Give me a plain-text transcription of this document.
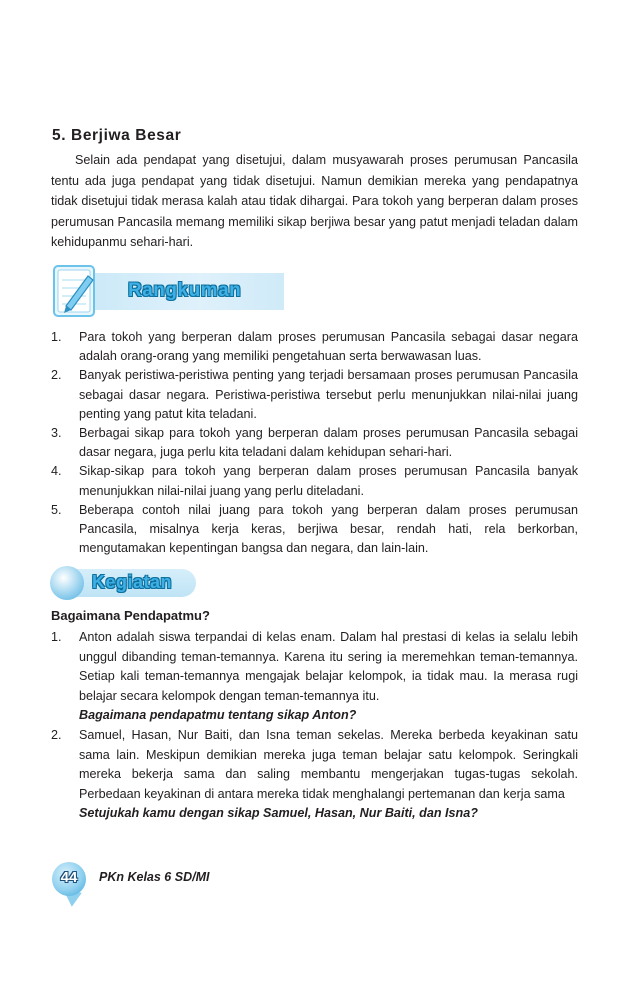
5. Berjiwa Besar
Selain ada pendapat yang disetujui, dalam musyawarah proses perumusan Pancasila tentu ada juga pendapat yang tidak disetujui. Namun demikian mereka yang pendapatnya tidak disetujui tidak merasa kalah atau tidak dihargai. Para tokoh yang berperan dalam proses perumusan Pancasila memang memiliki sikap berjiwa besar yang patut menjadi teladan dalam kehidupanmu sehari-hari.
Rangkuman
1. Para tokoh yang berperan dalam proses perumusan Pancasila sebagai dasar negara adalah orang-orang yang memiliki pengetahuan serta berwawasan luas.
2. Banyak peristiwa-peristiwa penting yang terjadi bersamaan proses perumusan Pancasila sebagai dasar negara. Peristiwa-peristiwa tersebut perlu menunjukkan nilai-nilai juang penting yang patut kita teladani.
3. Berbagai sikap para tokoh yang berperan dalam proses perumusan Pancasila sebagai dasar negara, juga perlu kita teladani dalam kehidupan sehari-hari.
4. Sikap-sikap para tokoh yang berperan dalam proses perumusan Pancasila banyak menunjukkan nilai-nilai juang yang perlu diteladani.
5. Beberapa contoh nilai juang para tokoh yang berperan dalam proses perumusan Pancasila, misalnya kerja keras, berjiwa besar, rendah hati, rela berkorban, mengutamakan kepentingan bangsa dan negara, dan lain-lain.
Kegiatan
Bagaimana Pendapatmu?
1. Anton adalah siswa terpandai di kelas enam. Dalam hal prestasi di kelas ia selalu lebih unggul dibanding teman-temannya. Karena itu sering ia meremehkan teman-temannya. Setiap kali teman-temannya mengajak belajar kelompok, ia tidak mau. Ia merasa rugi belajar secara kelompok dengan teman-temannya itu.
Bagaimana pendapatmu tentang sikap Anton?
2. Samuel, Hasan, Nur Baiti, dan Isna teman sekelas. Mereka berbeda keyakinan satu sama lain. Meskipun demikian mereka juga teman belajar satu kelompok. Seringkali mereka bekerja sama dan saling membantu mengerjakan tugas-tugas sekolah. Perbedaan keyakinan di antara mereka tidak menghalangi pertemanan dan kerja sama
Setujukah kamu dengan sikap Samuel, Hasan, Nur Baiti, dan Isna?
44	PKn Kelas 6 SD/MI
